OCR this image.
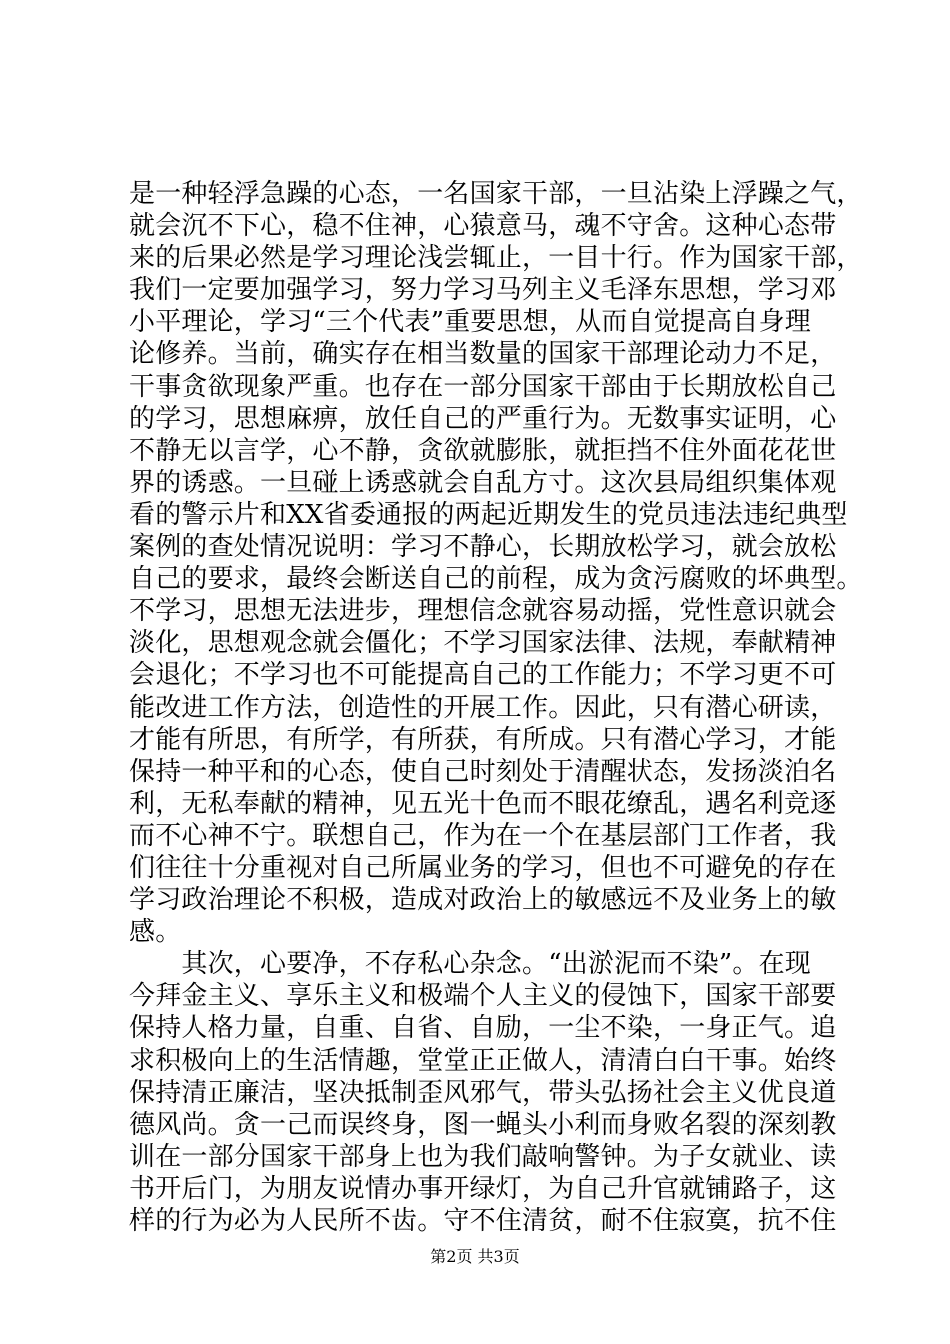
是一种轻浮急躁的心态，一名国家干部，一旦沾染上浮躁之气，
就会沉不下心，稳不住神，心猿意马，魂不守舍。这种心态带
来的后果必然是学习理论浅尝辄止，一目十行。作为国家干部，
我们一定要加强学习，努力学习马列主义毛泽东思想，学习邓
小平理论，学习“三个代表”重要思想，从而自觉提高自身理
论修养。当前，确实存在相当数量的国家干部理论动力不足，
干事贪欲现象严重。也存在一部分国家干部由于长期放松自己
的学习，思想麻痹，放任自己的严重行为。无数事实证明，心
不静无以言学，心不静，贪欲就膨胀，就拒挡不住外面花花世
界的诱惑。一旦碰上诱惑就会自乱方寸。这次县局组织集体观
看的警示片和XX省委通报的两起近期发生的党员违法违纪典型
案例的查处情况说明：学习不静心，长期放松学习，就会放松
自己的要求，最终会断送自己的前程，成为贪污腐败的坏典型。
不学习，思想无法进步，理想信念就容易动摇，党性意识就会
淡化，思想观念就会僵化；不学习国家法律、法规，奉献精神
会退化；不学习也不可能提高自己的工作能力；不学习更不可
能改进工作方法，创造性的开展工作。因此，只有潜心研读，
才能有所思，有所学，有所获，有所成。只有潜心学习，才能
保持一种平和的心态，使自己时刻处于清醒状态，发扬淡泊名
利，无私奉献的精神，见五光十色而不眼花缭乱，遇名利竞逐
而不心神不宁。联想自己，作为在一个在基层部门工作者，我
们往往十分重视对自己所属业务的学习，但也不可避免的存在
学习政治理论不积极，造成对政治上的敏感远不及业务上的敏
感。
　　其次，心要净，不存私心杂念。“出淤泥而不染”。在现
今拜金主义、享乐主义和极端个人主义的侵蚀下，国家干部要
保持人格力量，自重、自省、自励，一尘不染，一身正气。追
求积极向上的生活情趣，堂堂正正做人，清清白白干事。始终
保持清正廉洁，坚决抵制歪风邪气，带头弘扬社会主义优良道
德风尚。贪一己而误终身，图一蝇头小利而身败名裂的深刻教
训在一部分国家干部身上也为我们敲响警钟。为子女就业、读
书开后门，为朋友说情办事开绿灯，为自己升官就铺路子，这
样的行为必为人民所不齿。守不住清贫，耐不住寂寞，抗不住
第2页 共3页
